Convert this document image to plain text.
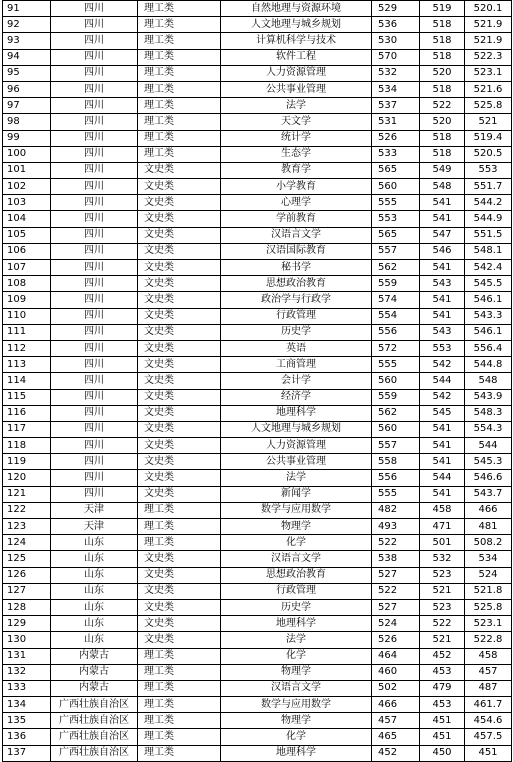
91	四川	理工类	自然地理与资源环境	529	519	520.1
92	四川	理工类	人文地理与城乡规划	536	518	521.9
93	四川	理工类	计算机科学与技术	530	518	521.9
94	四川	理工类	软件工程	570	518	522.3
95	四川	理工类	人力资源管理	532	520	523.1
96	四川	理工类	公共事业管理	534	518	521.6
97	四川	理工类	法学	537	522	525.8
98	四川	理工类	天文学	531	520	521
99	四川	理工类	统计学	526	518	519.4
100	四川	理工类	生态学	533	518	520.5
101	四川	文史类	教育学	565	549	553
102	四川	文史类	小学教育	560	548	551.7
103	四川	文史类	心理学	555	541	544.2
104	四川	文史类	学前教育	553	541	544.9
105	四川	文史类	汉语言文学	565	547	551.5
106	四川	文史类	汉语国际教育	557	546	548.1
107	四川	文史类	秘书学	562	541	542.4
108	四川	文史类	思想政治教育	559	543	545.5
109	四川	文史类	政治学与行政学	574	541	546.1
110	四川	文史类	行政管理	554	541	543.3
111	四川	文史类	历史学	556	543	546.1
112	四川	文史类	英语	572	553	556.4
113	四川	文史类	工商管理	555	542	544.8
114	四川	文史类	会计学	560	544	548
115	四川	文史类	经济学	559	542	543.9
116	四川	文史类	地理科学	562	545	548.3
117	四川	文史类	人文地理与城乡规划	560	541	554.3
118	四川	文史类	人力资源管理	557	541	544
119	四川	文史类	公共事业管理	558	541	545.3
120	四川	文史类	法学	556	544	546.6
121	四川	文史类	新闻学	555	541	543.7
122	天津	理工类	数学与应用数学	482	458	466
123	天津	理工类	物理学	493	471	481
124	山东	理工类	化学	522	501	508.2
125	山东	文史类	汉语言文学	538	532	534
126	山东	文史类	思想政治教育	527	523	524
127	山东	文史类	行政管理	522	521	521.8
128	山东	文史类	历史学	527	523	525.8
129	山东	文史类	地理科学	524	522	523.1
130	山东	文史类	法学	526	521	522.8
131	内蒙古	理工类	化学	464	452	458
132	内蒙古	理工类	物理学	460	453	457
133	内蒙古	理工类	汉语言文学	502	479	487
134	广西壮族自治区	理工类	数学与应用数学	466	453	461.7
135	广西壮族自治区	理工类	物理学	457	451	454.6
136	广西壮族自治区	理工类	化学	465	451	457.5
137	广西壮族自治区	理工类	地理科学	452	450	451
